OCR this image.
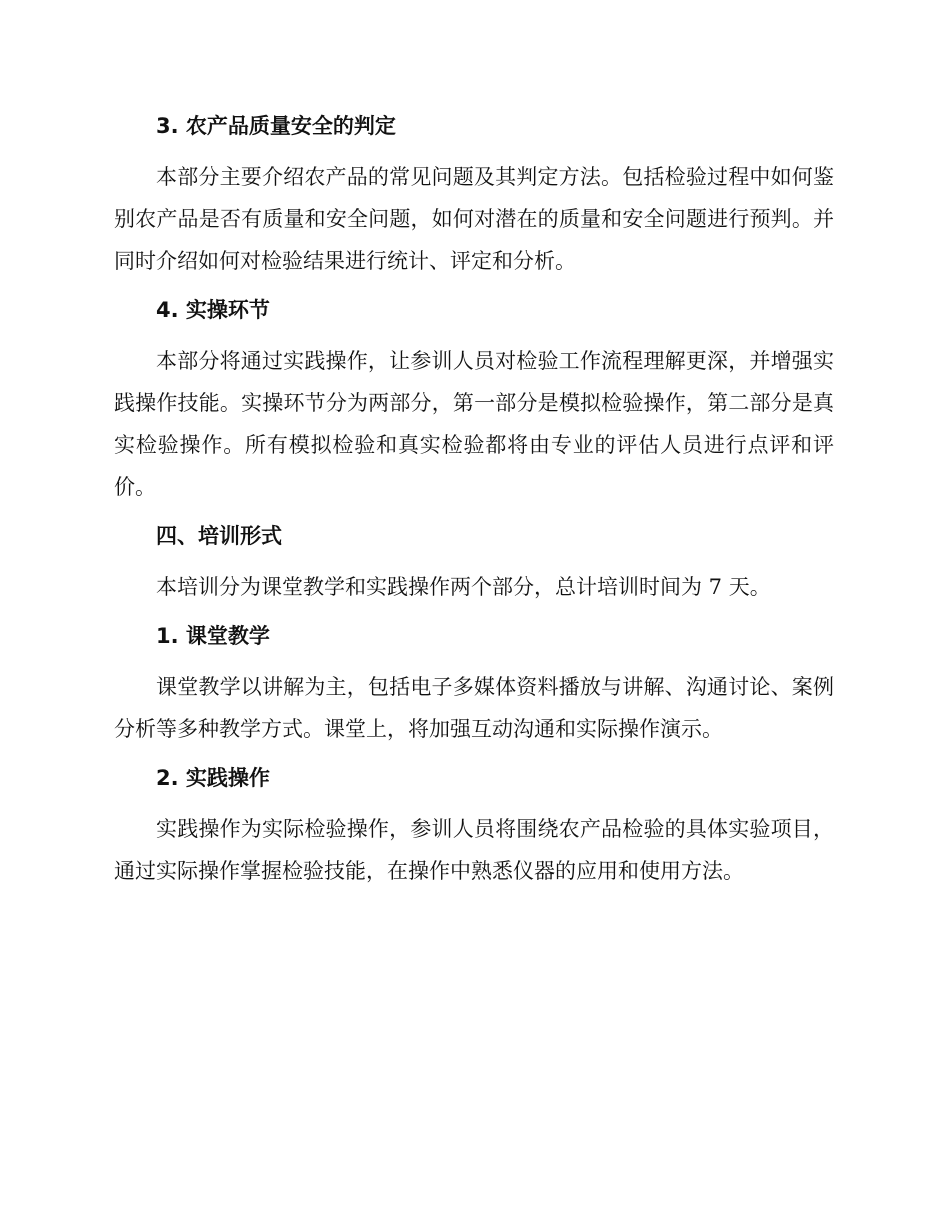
3. 农产品质量安全的判定

本部分主要介绍农产品的常见问题及其判定方法。包括检验过程中如何鉴别农产品是否有质量和安全问题，如何对潜在的质量和安全问题进行预判。并同时介绍如何对检验结果进行统计、评定和分析。

4. 实操环节

本部分将通过实践操作，让参训人员对检验工作流程理解更深，并增强实践操作技能。实操环节分为两部分，第一部分是模拟检验操作，第二部分是真实检验操作。所有模拟检验和真实检验都将由专业的评估人员进行点评和评价。

四、培训形式

本培训分为课堂教学和实践操作两个部分，总计培训时间为 7 天。

1. 课堂教学

课堂教学以讲解为主，包括电子多媒体资料播放与讲解、沟通讨论、案例分析等多种教学方式。课堂上，将加强互动沟通和实际操作演示。

2. 实践操作

实践操作为实际检验操作，参训人员将围绕农产品检验的具体实验项目，通过实际操作掌握检验技能，在操作中熟悉仪器的应用和使用方法。
